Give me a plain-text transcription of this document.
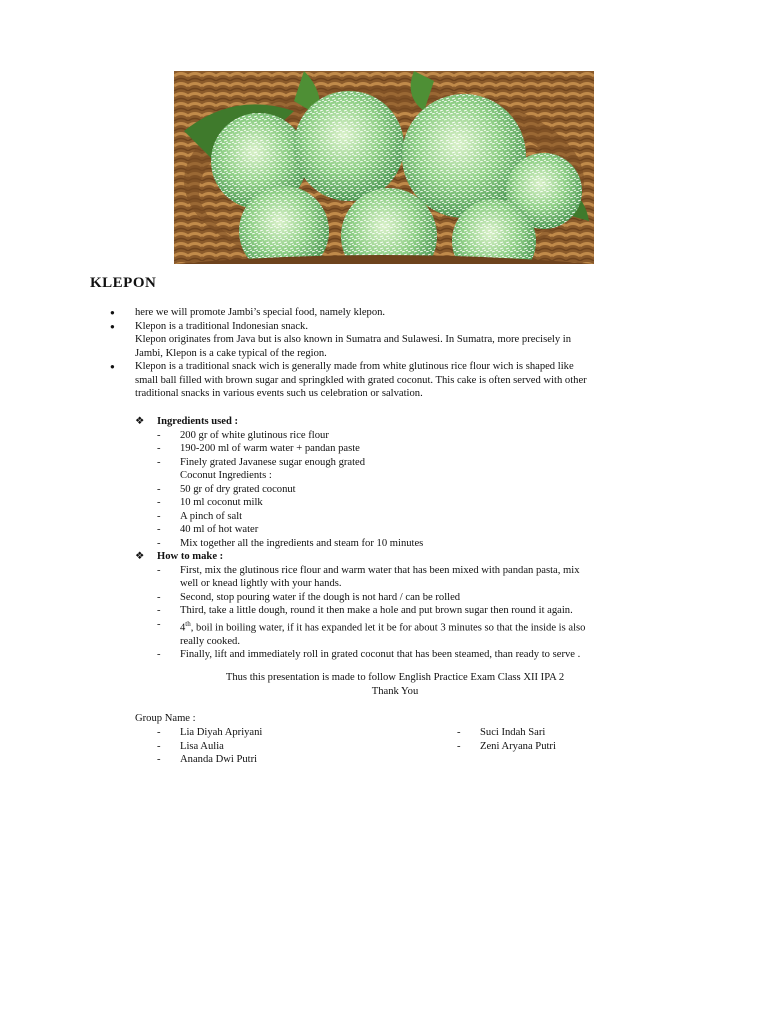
KLEPON
● here we will promote Jambi’s special food, namely klepon.
● Klepon is a traditional Indonesian snack.
Klepon originates from Java but is also known in Sumatra and Sulawesi. In Sumatra, more precisely in
Jambi, Klepon is a cake typical of the region.
● Klepon is a traditional snack wich is generally made from white glutinous rice flour wich is shaped like
small ball filled with brown sugar and springkled with grated coconut. This cake is often served with other
traditional snacks in various events such us celebration or salvation.
❖ Ingredients used :
- 200 gr of white glutinous rice flour
- 190-200 ml of warm water + pandan paste
- Finely grated Javanese sugar enough grated
Coconut Ingredients :
- 50 gr of dry grated coconut
- 10 ml coconut milk
- A pinch of salt
- 40 ml of hot water
- Mix together all the ingredients and steam for 10 minutes
❖ How to make :
- First, mix the glutinous rice flour and warm water that has been mixed with pandan pasta, mix
well or knead lightly with your hands.
- Second, stop pouring water if the dough is not hard / can be rolled
- Third, take a little dough, round it then make a hole and put brown sugar then round it again.
- 4th, boil in boiling water, if it has expanded let it be for about 3 minutes so that the inside is also
really cooked.
- Finally, lift and immediately roll in grated coconut that has been steamed, than ready to serve .
Thus this presentation is made to follow English Practice Exam Class XII IPA 2
Thank You
Group Name :
- Lia Diyah Apriyani
- Lisa Aulia
- Ananda Dwi Putri
- Suci Indah Sari
- Zeni Aryana Putri
